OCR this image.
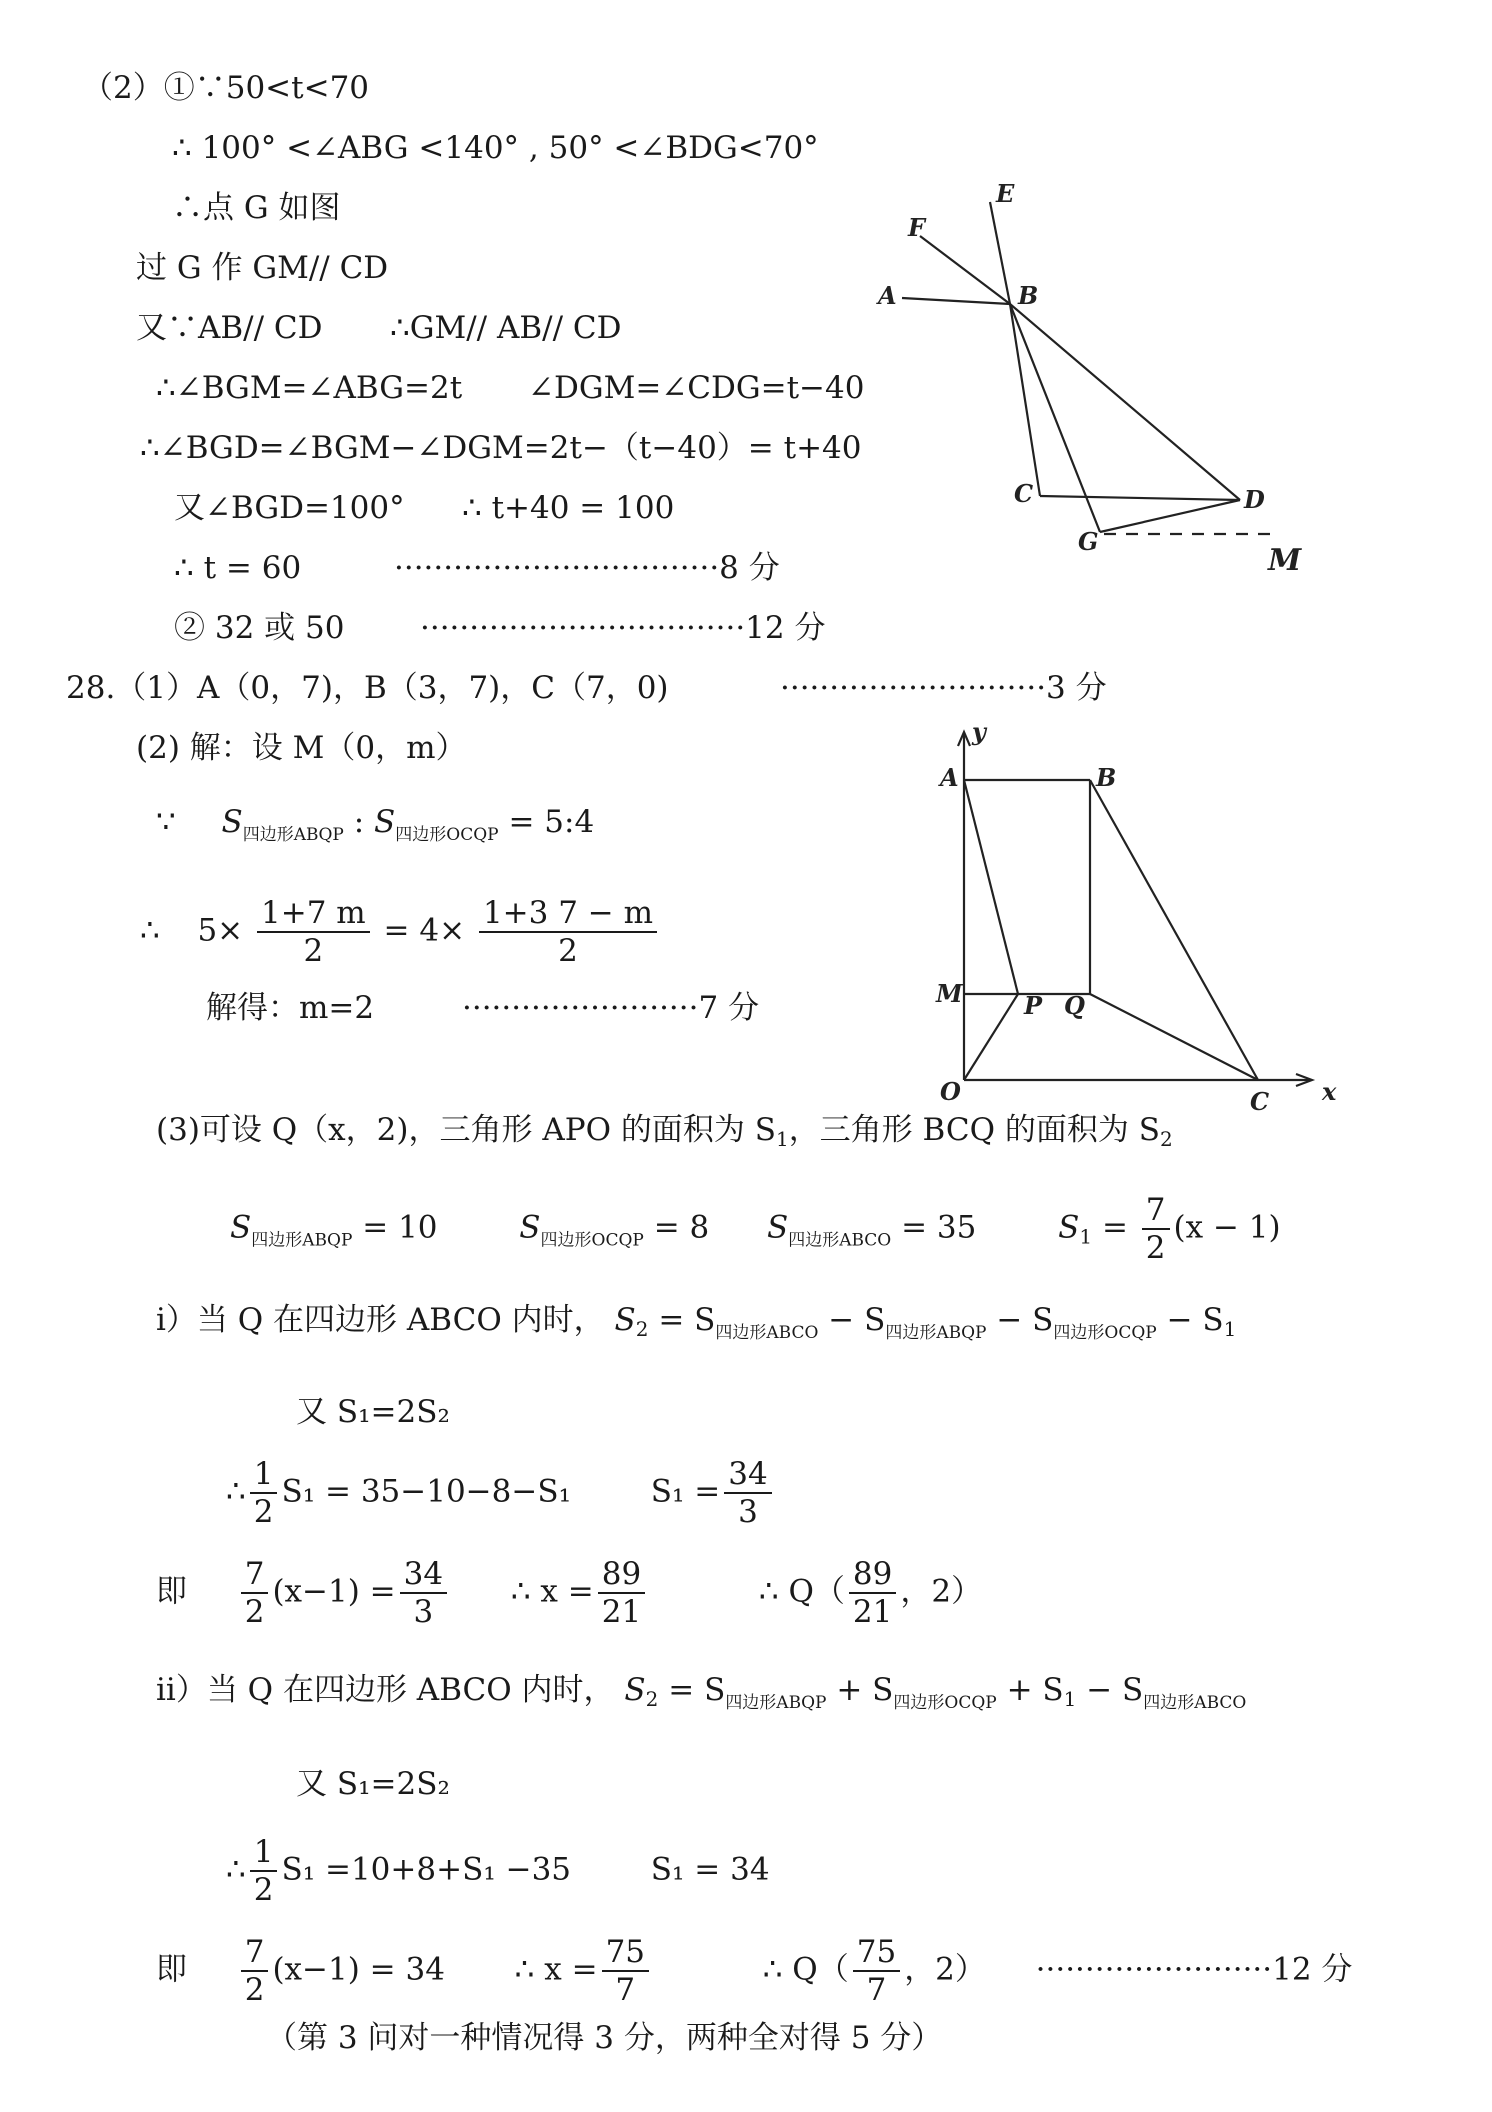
（2）①∵50<t<70
∴ 100° <∠ABG <140° , 50° <∠BDG<70°
∴点 G 如图
过 G 作 GM// CD
又∵AB// CD ∴GM// AB// CD
∴∠BGM=∠ABG=2t ∠DGM=∠CDG=t−40
∴∠BGD=∠BGM−∠DGM=2t−（t−40）= t+40
又∠BGD=100° ∴ t+40 = 100
∴ t = 60	·································8 分
② 32 或 50 ·································12 分
E
F
A	B
C	D
G
M
28.（1）A（0，7)，B（3，7)，C（7，0)	···························3 分
(2) 解：设 M（0，m）
∵ $S_{四边形ABQP}$ : $S_{四边形OCQP}$ = 5:4
∴ $5\times \frac{1+7 m}{2} = 4\times \frac{1+3 7 - m}{2}$
解得：m=2	························7 分
y
A	B
M	P Q
O	C x
(3)可设 Q（x，2)，三角形 APO 的面积为 S1，三角形 BCQ 的面积为 S2
$S_{四边形ABQP} = 10$	$S_{四边形OCQP} = 8$ $S_{四边形ABCO} = 35$	$S1 = \frac{7}{2} (x - 1)$
i）当 Q 在四边形 ABCO 内时， $S2 = S_{四边形ABCO} - S_{四边形ABQP} - S_{四边形OCQP} - S1$
又 S₁=2S₂
∴ $\frac{1}{2} S_1 = 35-10-8-S_1$	$S_1 = \frac{34}{3}$
即 $\frac{7}{2} (x-1) = \frac{34}{3}$ ∴ $x = \frac{89}{21}$	∴ $Q( \frac{89}{21}$ ，2）
ii）当 Q 在四边形 ABCO 内时， $S2 = S_{四边形ABQP} + S_{四边形OCQP} + S1 - S_{四边形ABCO}$
又 S₁=2S₂
∴ $\frac{1}{2} S_1 =10+8+S_1 -35$	S₁ = 34
即 $\frac{7}{2} (x-1) = 34$ ∴ $x = \frac{75}{7}$	∴ $Q( \frac{75}{7}$ ，2） ························12 分
（第 3 问对一种情况得 3 分，两种全对得 5 分）
